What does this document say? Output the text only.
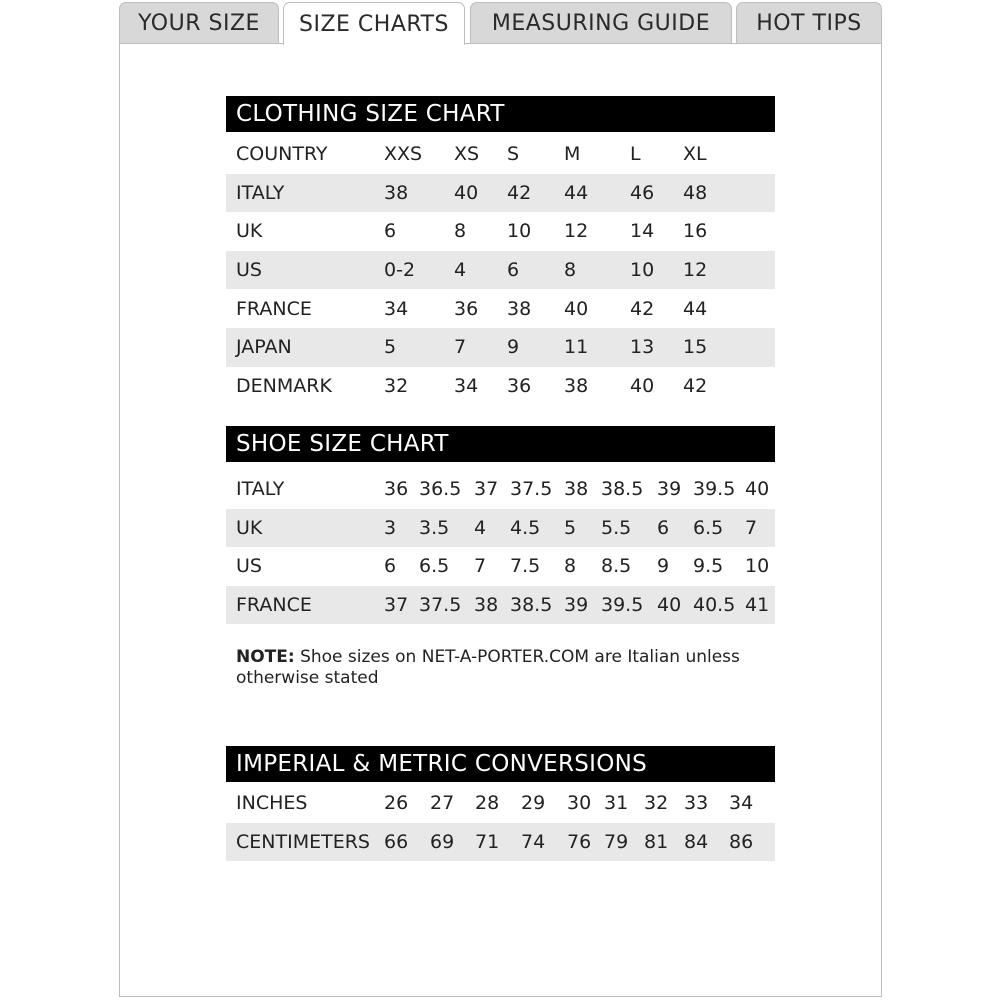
YOUR SIZE	SIZE CHARTS	MEASURING GUIDE	HOT TIPS
CLOTHING SIZE CHART
COUNTRY	XXS XS S M	L XL
ITALY	38 40 42 44 46 48
UK	6	8 10 12 14 16
US	0-2 4 6 8	10 12
FRANCE	34 36 38 40 42 44
JAPAN	5	7 9 11 13 15
DENMARK	32 34 36 38 40 42
SHOE SIZE CHART
ITALY	36 36.5 37 37.5 38 38.5 39 39.5 40
UK	3 3.5 4 4.5 5 5.5 6 6.5 7
US	6 6.5 7 7.5 8 8.5 9 9.5 10
FRANCE	37 37.5 38 38.5 39 39.5 40 40.5 41
NOTE: Shoe sizes on NET-A-PORTER.COM are Italian unless otherwise stated
IMPERIAL & METRIC CONVERSIONS
INCHES	26 27 28 29 30 31 32 33 34
CENTIMETERS 66 69 71 74 76 79 81 84 86
